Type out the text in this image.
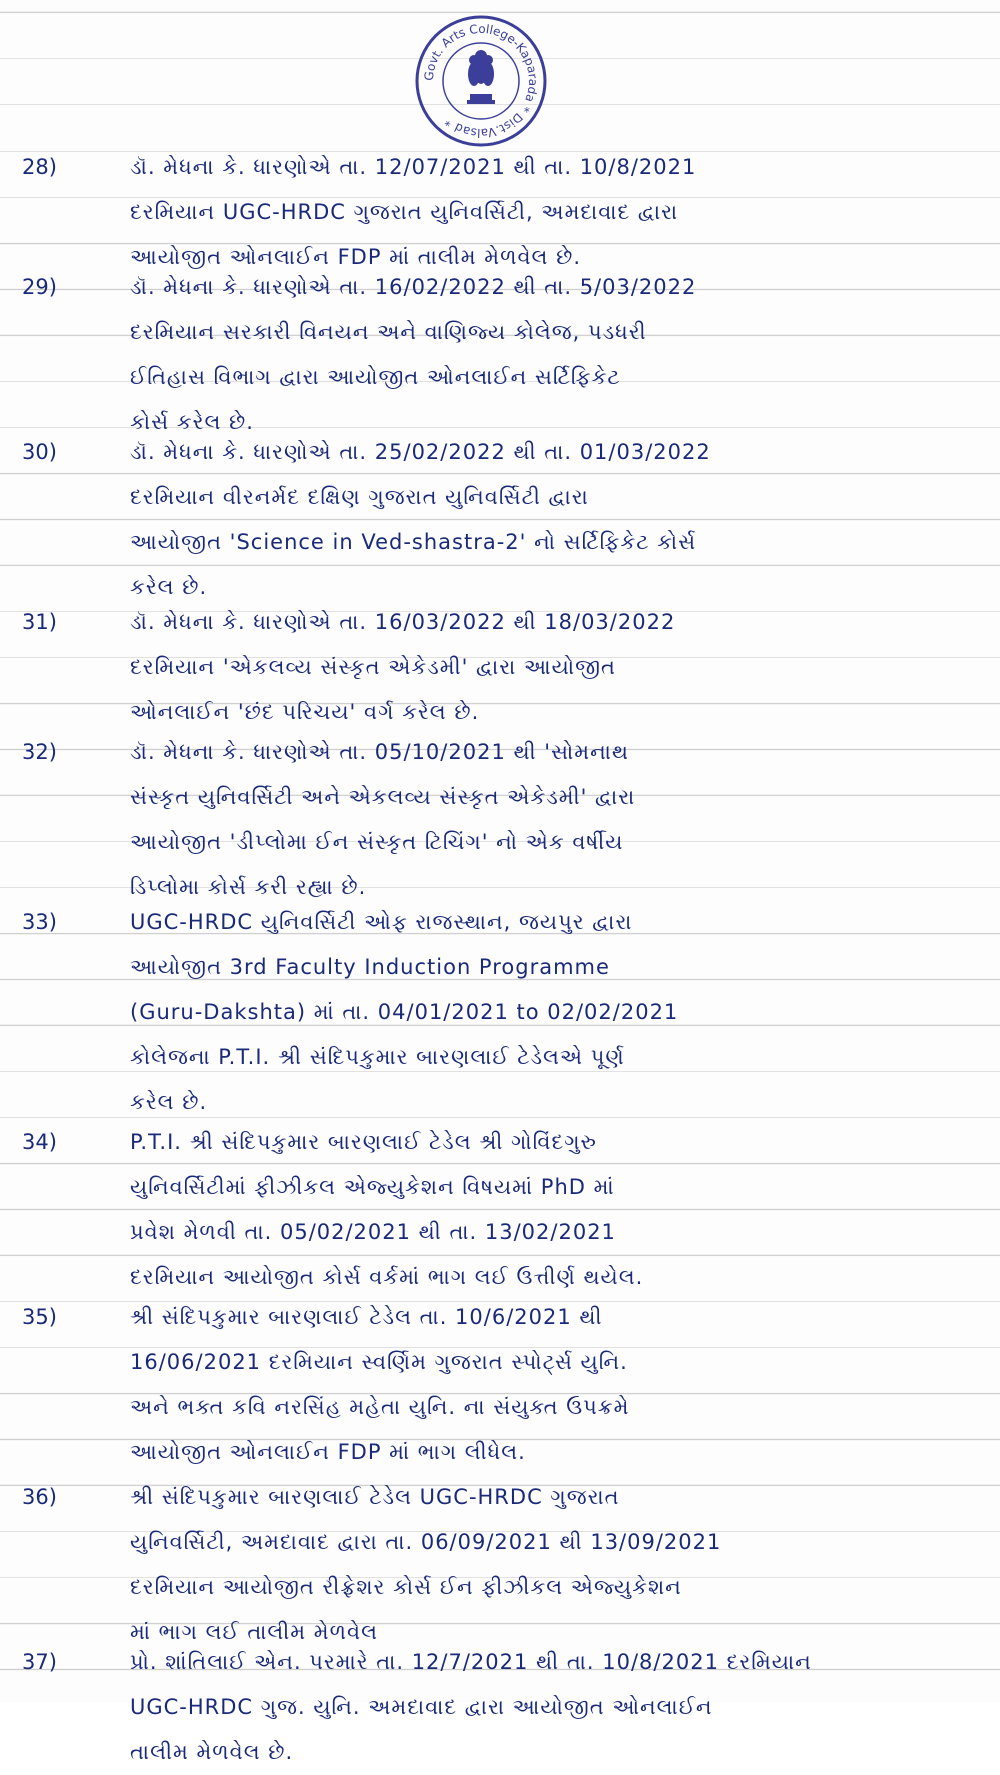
Govt. Arts College-Kaparada * Dist.Valsad *
28)	ડૉ. મેધના કે. ધારણોએ તા. 12/07/2021 થી તા. 10/8/2021
દરમિયાન UGC-HRDC ગુજરાત યુનિવર્સિટી, અમદાવાદ દ્વારા
આયોજીત ઓનલાઈન FDP માં તાલીમ મેળવેલ છે.
29)	ડૉ. મેધના કે. ધારણોએ તા. 16/02/2022 થી તા. 5/03/2022
દરમિયાન સરકારી વિનયન અને વાણિજ્ય કોલેજ, પડધરી
ઈતિહાસ વિભાગ દ્વારા આયોજીત ઓનલાઈન સર્ટિફિકેટ
કોર્સ કરેલ છે.
30)	ડૉ. મેધના કે. ધારણોએ તા. 25/02/2022 થી તા. 01/03/2022
દરમિયાન વીરનર્મદ દક્ષિણ ગુજરાત યુનિવર્સિટી દ્વારા
આયોજીત 'Science in Ved-shastra-2' નો સર્ટિફિકેટ કોર્સ
કરેલ છે.
31)	ડૉ. મેધના કે. ધારણોએ તા. 16/03/2022 થી 18/03/2022
દરમિયાન 'એકલવ્ય સંસ્કૃત એકેડમી' દ્વારા આયોજીત
ઓનલાઈન 'છંદ પરિચય' વર્ગ કરેલ છે.
32)	ડૉ. મેધના કે. ધારણોએ તા. 05/10/2021 થી 'સોમનાથ
સંસ્કૃત યુનિવર્સિટી અને એકલવ્ય સંસ્કૃત એકેડમી' દ્વારા
આયોજીત 'ડીપ્લોમા ઈન સંસ્કૃત ટિચિંગ' નો એક વર્ષીય
ડિપ્લોમા કોર્સ કરી રહ્યા છે.
33)	UGC-HRDC યુનિવર્સિટી ઓફ રાજસ્થાન, જયપુર દ્વારા
આયોજીત 3rd Faculty Induction Programme
(Guru-Dakshta) માં તા. 04/01/2021 to 02/02/2021
કોલેજના P.T.I. શ્રી સંદિપકુમાર બારણલાઈ ટેડેલએ પૂર્ણ
કરેલ છે.
34)	P.T.I. શ્રી સંદિપકુમાર બારણલાઈ ટેડેલ શ્રી ગોવિંદગુરુ
યુનિવર્સિટીમાં ફીઝીકલ એજ્યુકેશન વિષયમાં PhD માં
પ્રવેશ મેળવી તા. 05/02/2021 થી તા. 13/02/2021
દરમિયાન આયોજીત કોર્સ વર્કમાં ભાગ લઈ ઉત્તીર્ણ થયેલ.
35)	શ્રી સંદિપકુમાર બારણલાઈ ટેડેલ તા. 10/6/2021 થી
16/06/2021 દરમિયાન સ્વર્ણિમ ગુજરાત સ્પોર્ટ્સ યુનિ.
અને ભક્ત કવિ નરસિંહ મહેતા યુનિ. ના સંયુક્ત ઉપક્રમે
આયોજીત ઓનલાઈન FDP માં ભાગ લીધેલ.
36)	શ્રી સંદિપકુમાર બારણલાઈ ટેડેલ UGC-HRDC ગુજરાત
યુનિવર્સિટી, અમદાવાદ દ્વારા તા. 06/09/2021 થી 13/09/2021
દરમિયાન આયોજીત રીફ્રેશર કોર્સ ઈન ફીઝીકલ એજ્યુકેશન
માં ભાગ લઈ તાલીમ મેળવેલ
37)	પ્રો. શાંતિલાઈ એન. પરમારે તા. 12/7/2021 થી તા. 10/8/2021 દરમિયાન
UGC-HRDC ગુજ. યુનિ. અમદાવાદ દ્વારા આયોજીત ઓનલાઈન
તાલીમ મેળવેલ છે.
